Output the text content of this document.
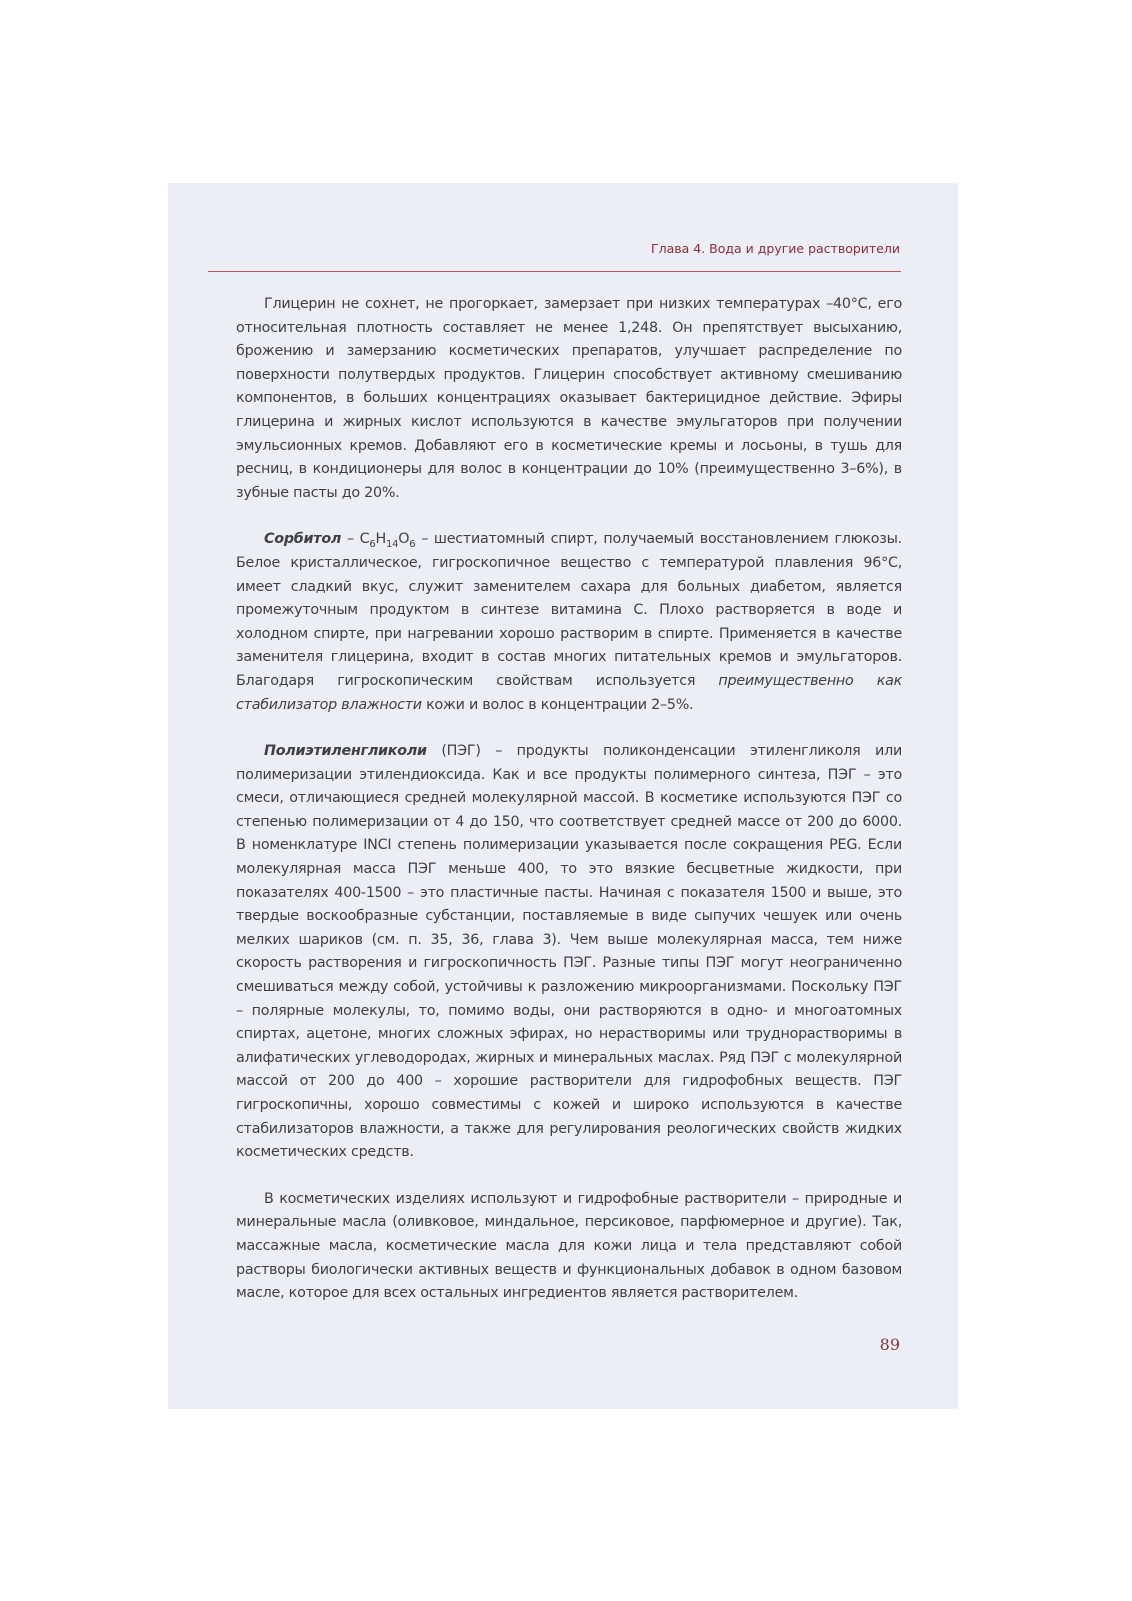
Глава 4. Вода и другие растворители

Глицерин не сохнет, не прогоркает, замерзает при низких температурах –40°С, его относительная плотность составляет не менее 1,248. Он препятствует высыханию, брожению и замерзанию косметических препаратов, улучшает распределение по поверхности полутвердых продуктов. Глицерин способствует активному смешиванию компонентов, в больших концентрациях оказывает бактерицидное действие. Эфиры глицерина и жирных кислот используются в качестве эмульгаторов при получении эмульсионных кремов. Добавляют его в косметические кремы и лосьоны, в тушь для ресниц, в кондиционеры для волос в концентрации до 10% (преимущественно 3–6%), в зубные пасты до 20%.

Сорбитол – $C_6H_{14}O_6$ – шестиатомный спирт, получаемый восстановлением глюкозы. Белое кристаллическое, гигроскопичное вещество с температурой плавления 96°С, имеет сладкий вкус, служит заменителем сахара для больных диабетом, является промежуточным продуктом в синтезе витамина С. Плохо растворяется в воде и холодном спирте, при нагревании хорошо растворим в спирте. Применяется в качестве заменителя глицерина, входит в состав многих питательных кремов и эмульгаторов. Благодаря гигроскопическим свойствам используется преимущественно как стабилизатор влажности кожи и волос в концентрации 2–5%.

Полиэтиленгликоли (ПЭГ) – продукты поликонденсации этиленгликоля или полимеризации этилендиоксида. Как и все продукты полимерного синтеза, ПЭГ – это смеси, отличающиеся средней молекулярной массой. В косметике используются ПЭГ со степенью полимеризации от 4 до 150, что соответствует средней массе от 200 до 6000. В номенклатуре INCI степень полимеризации указывается после сокращения PEG. Если молекулярная масса ПЭГ меньше 400, то это вязкие бесцветные жидкости, при показателях 400-1500 – это пластичные пасты. Начиная с показателя 1500 и выше, это твердые воскообразные субстанции, поставляемые в виде сыпучих чешуек или очень мелких шариков (см. п. 35, 36, глава 3). Чем выше молекулярная масса, тем ниже скорость растворения и гигроскопичность ПЭГ. Разные типы ПЭГ могут неограниченно смешиваться между собой, устойчивы к разложению микроорганизмами. Поскольку ПЭГ – полярные молекулы, то, помимо воды, они растворяются в одно- и многоатомных спиртах, ацетоне, многих сложных эфирах, но нерастворимы или труднорастворимы в алифатических углеводородах, жирных и минеральных маслах. Ряд ПЭГ с молекулярной массой от 200 до 400 – хорошие растворители для гидрофобных веществ. ПЭГ гигроскопичны, хорошо совместимы с кожей и широко используются в качестве стабилизаторов влажности, а также для регулирования реологических свойств жидких косметических средств.

В косметических изделиях используют и гидрофобные растворители – природные и минеральные масла (оливковое, миндальное, персиковое, парфюмерное и другие). Так, массажные масла, косметические масла для кожи лица и тела представляют собой растворы биологически активных веществ и функциональных добавок в одном базовом масле, которое для всех остальных ингредиентов является растворителем.

89
